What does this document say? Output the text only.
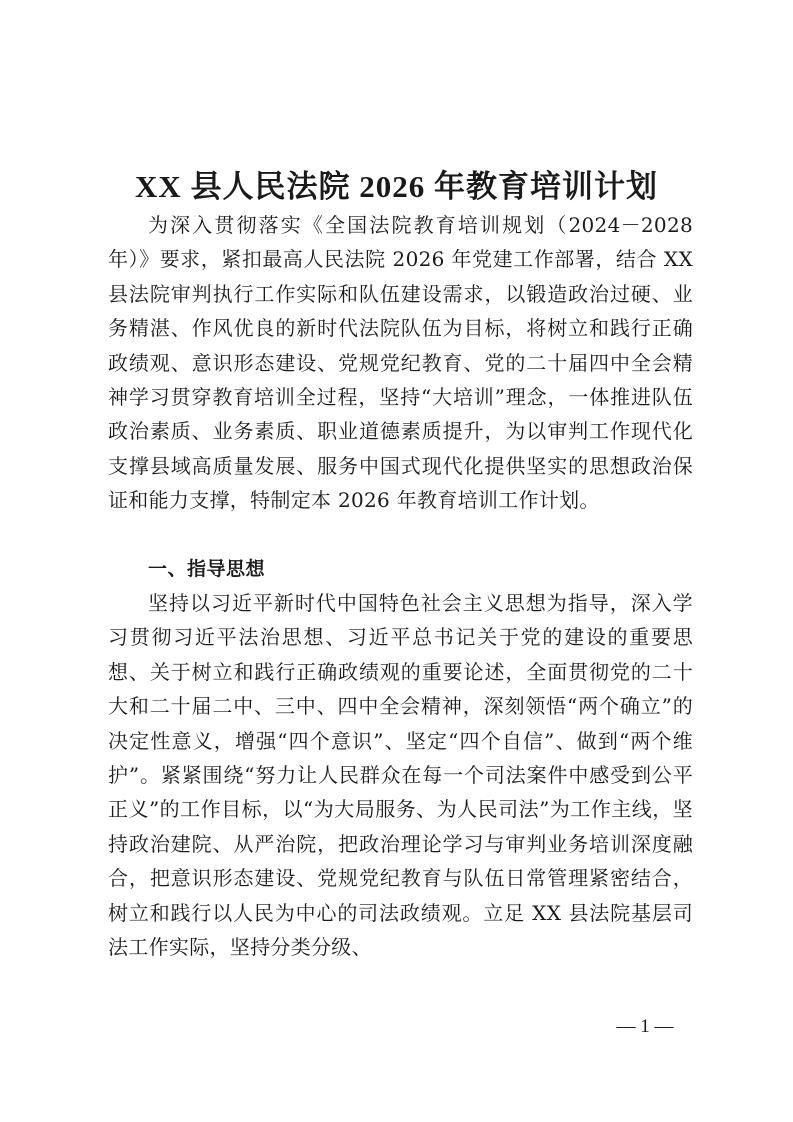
XX 县人民法院 2026 年教育培训计划

为深入贯彻落实《全国法院教育培训规划（2024－2028 年）》要求，紧扣最高人民法院 2026 年党建工作部署，结合 XX 县法院审判执行工作实际和队伍建设需求，以锻造政治过硬、业务精湛、作风优良的新时代法院队伍为目标，将树立和践行正确政绩观、意识形态建设、党规党纪教育、党的二十届四中全会精神学习贯穿教育培训全过程，坚持“大培训”理念，一体推进队伍政治素质、业务素质、职业道德素质提升，为以审判工作现代化支撑县域高质量发展、服务中国式现代化提供坚实的思想政治保证和能力支撑，特制定本 2026 年教育培训工作计划。

一、指导思想

坚持以习近平新时代中国特色社会主义思想为指导，深入学习贯彻习近平法治思想、习近平总书记关于党的建设的重要思想、关于树立和践行正确政绩观的重要论述，全面贯彻党的二十大和二十届二中、三中、四中全会精神，深刻领悟“两个确立”的决定性意义，增强“四个意识”、坚定“四个自信”、做到“两个维护”。紧紧围绕“努力让人民群众在每一个司法案件中感受到公平正义”的工作目标，以“为大局服务、为人民司法”为工作主线，坚持政治建院、从严治院，把政治理论学习与审判业务培训深度融合，把意识形态建设、党规党纪教育与队伍日常管理紧密结合，树立和践行以人民为中心的司法政绩观。立足 XX 县法院基层司法工作实际，坚持分类分级、

— 1 —
